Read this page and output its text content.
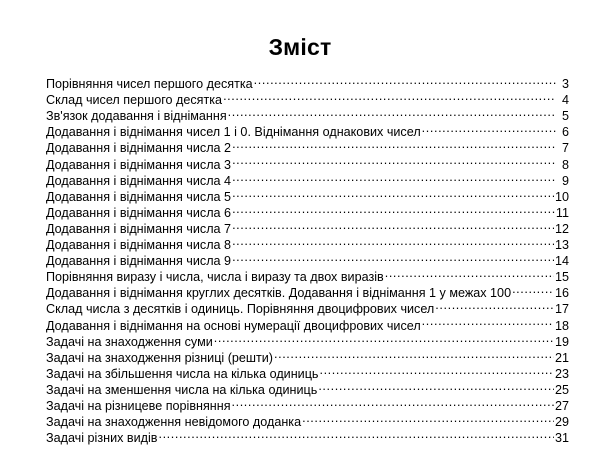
Зміст
Порівняння чисел першого десятка .....	3
Склад чисел першого десятка .....	4
Зв'язок додавання і віднімання .....	5
Додавання і віднімання чисел 1 і 0. Віднімання однакових чисел .....	6
Додавання і віднімання числа 2 .....	7
Додавання і віднімання числа 3 .....	8
Додавання і віднімання числа 4 .....	9
Додавання і віднімання числа 5 .....	10
Додавання і віднімання числа 6 .....	11
Додавання і віднімання числа 7 .....	12
Додавання і віднімання числа 8 .....	13
Додавання і віднімання числа 9 .....	14
Порівняння виразу і числа, числа і виразу та двох виразів .....	15
Додавання і віднімання круглих десятків. Додавання і віднімання 1 у межах 100 .....	16
Склад числа з десятків і одиниць. Порівняння двоцифрових чисел .....	17
Додавання і віднімання на основі нумерації двоцифрових чисел .....	18
Задачі на знаходження суми .....	19
Задачі на знаходження різниці (решти) .....	21
Задачі на збільшення числа на кілька одиниць .....	23
Задачі на зменшення числа на кілька одиниць .....	25
Задачі на різницеве порівняння .....	27
Задачі на знаходження невідомого доданка .....	29
Задачі різних видів .....	31
